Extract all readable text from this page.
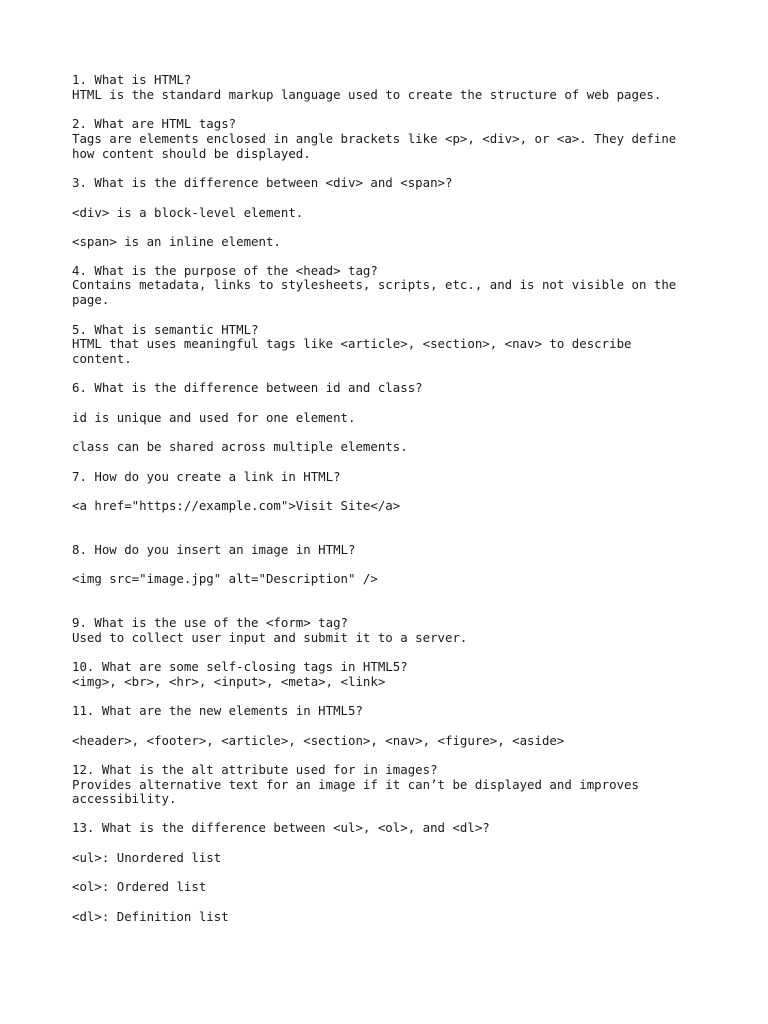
1. What is HTML?

HTML is the standard markup language used to create the structure of web pages.

2. What are HTML tags?

Tags are elements enclosed in angle brackets like <p>, <div>, or <a>. They define

how content should be displayed.

3. What is the difference between <div> and <span>?

<div> is a block-level element.

<span> is an inline element.

4. What is the purpose of the <head> tag?

Contains metadata, links to stylesheets, scripts, etc., and is not visible on the

page.

5. What is semantic HTML?

HTML that uses meaningful tags like <article>, <section>, <nav> to describe

content.

6. What is the difference between id and class?

id is unique and used for one element.

class can be shared across multiple elements.

7. How do you create a link in HTML?

<a href="https://example.com">Visit Site</a>

8. How do you insert an image in HTML?

<img src="image.jpg" alt="Description" />

9. What is the use of the <form> tag?

Used to collect user input and submit it to a server.

10. What are some self-closing tags in HTML5?

<img>, <br>, <hr>, <input>, <meta>, <link>

11. What are the new elements in HTML5?

<header>, <footer>, <article>, <section>, <nav>, <figure>, <aside>

12. What is the alt attribute used for in images?

Provides alternative text for an image if it can’t be displayed and improves

accessibility.

13. What is the difference between <ul>, <ol>, and <dl>?

<ul>: Unordered list

<ol>: Ordered list

<dl>: Definition list
